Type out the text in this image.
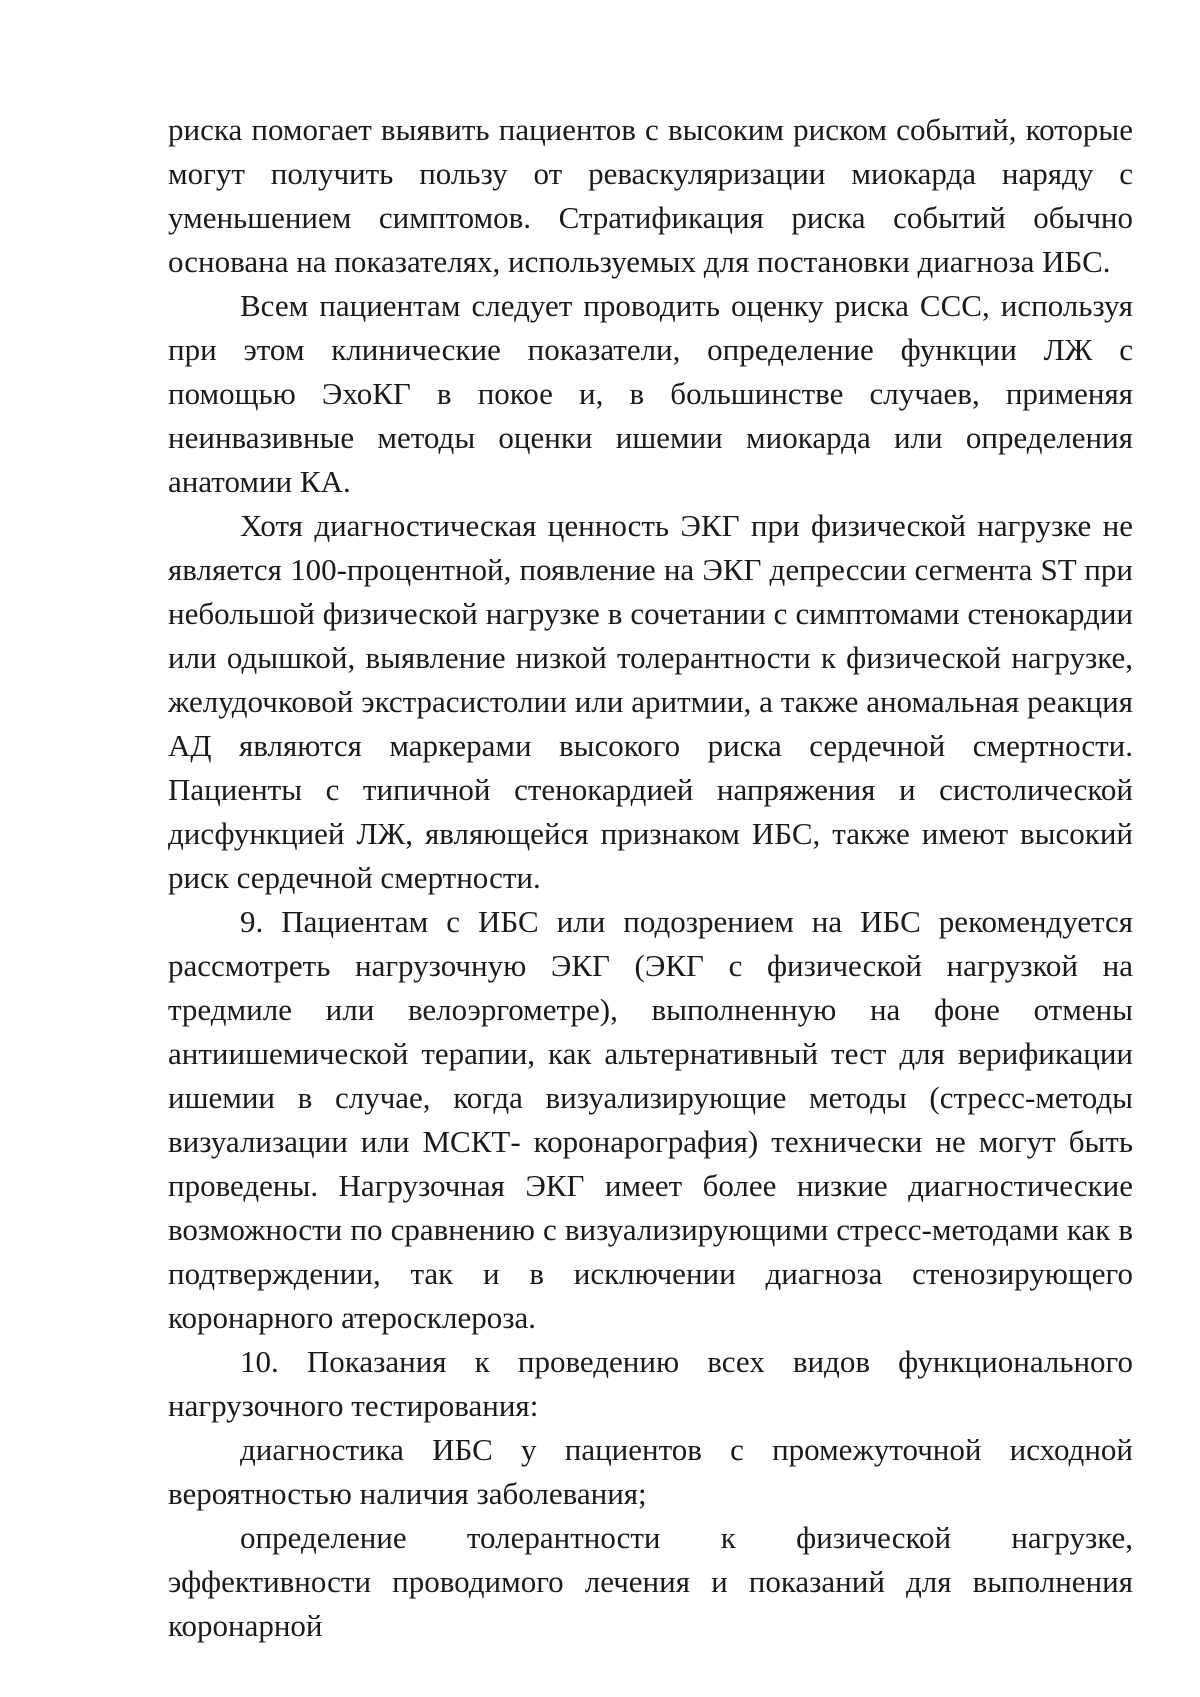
риска помогает выявить пациентов с высоким риском событий, которые могут получить пользу от реваскуляризации миокарда наряду с уменьшением симптомов. Стратификация риска событий обычно основана на показателях, используемых для постановки диагноза ИБС.

Всем пациентам следует проводить оценку риска ССС, используя при этом клинические показатели, определение функции ЛЖ с помощью ЭхоКГ в покое и, в большинстве случаев, применяя неинвазивные методы оценки ишемии миокарда или определения анатомии КА.

Хотя диагностическая ценность ЭКГ при физической нагрузке не является 100-процентной, появление на ЭКГ депрессии сегмента ST при небольшой физической нагрузке в сочетании с симптомами стенокардии или одышкой, выявление низкой толерантности к физической нагрузке, желудочковой экстрасистолии или аритмии, а также аномальная реакция АД являются маркерами высокого риска сердечной смертности. Пациенты с типичной стенокардией напряжения и систолической дисфункцией ЛЖ, являющейся признаком ИБС, также имеют высокий риск сердечной смертности.

9. Пациентам с ИБС или подозрением на ИБС рекомендуется рассмотреть нагрузочную ЭКГ (ЭКГ с физической нагрузкой на тредмиле или велоэргометре), выполненную на фоне отмены антиишемической терапии, как альтернативный тест для верификации ишемии в случае, когда визуализирующие методы (стресс-методы визуализации или МСКТ- коронарография) технически не могут быть проведены. Нагрузочная ЭКГ имеет более низкие диагностические возможности по сравнению с визуализирующими стресс-методами как в подтверждении, так и в исключении диагноза стенозирующего коронарного атеросклероза.

10. Показания к проведению всех видов функционального нагрузочного тестирования:

диагностика ИБС у пациентов с промежуточной исходной вероятностью наличия заболевания;

определение толерантности к физической нагрузке, эффективности проводимого лечения и показаний для выполнения коронарной
